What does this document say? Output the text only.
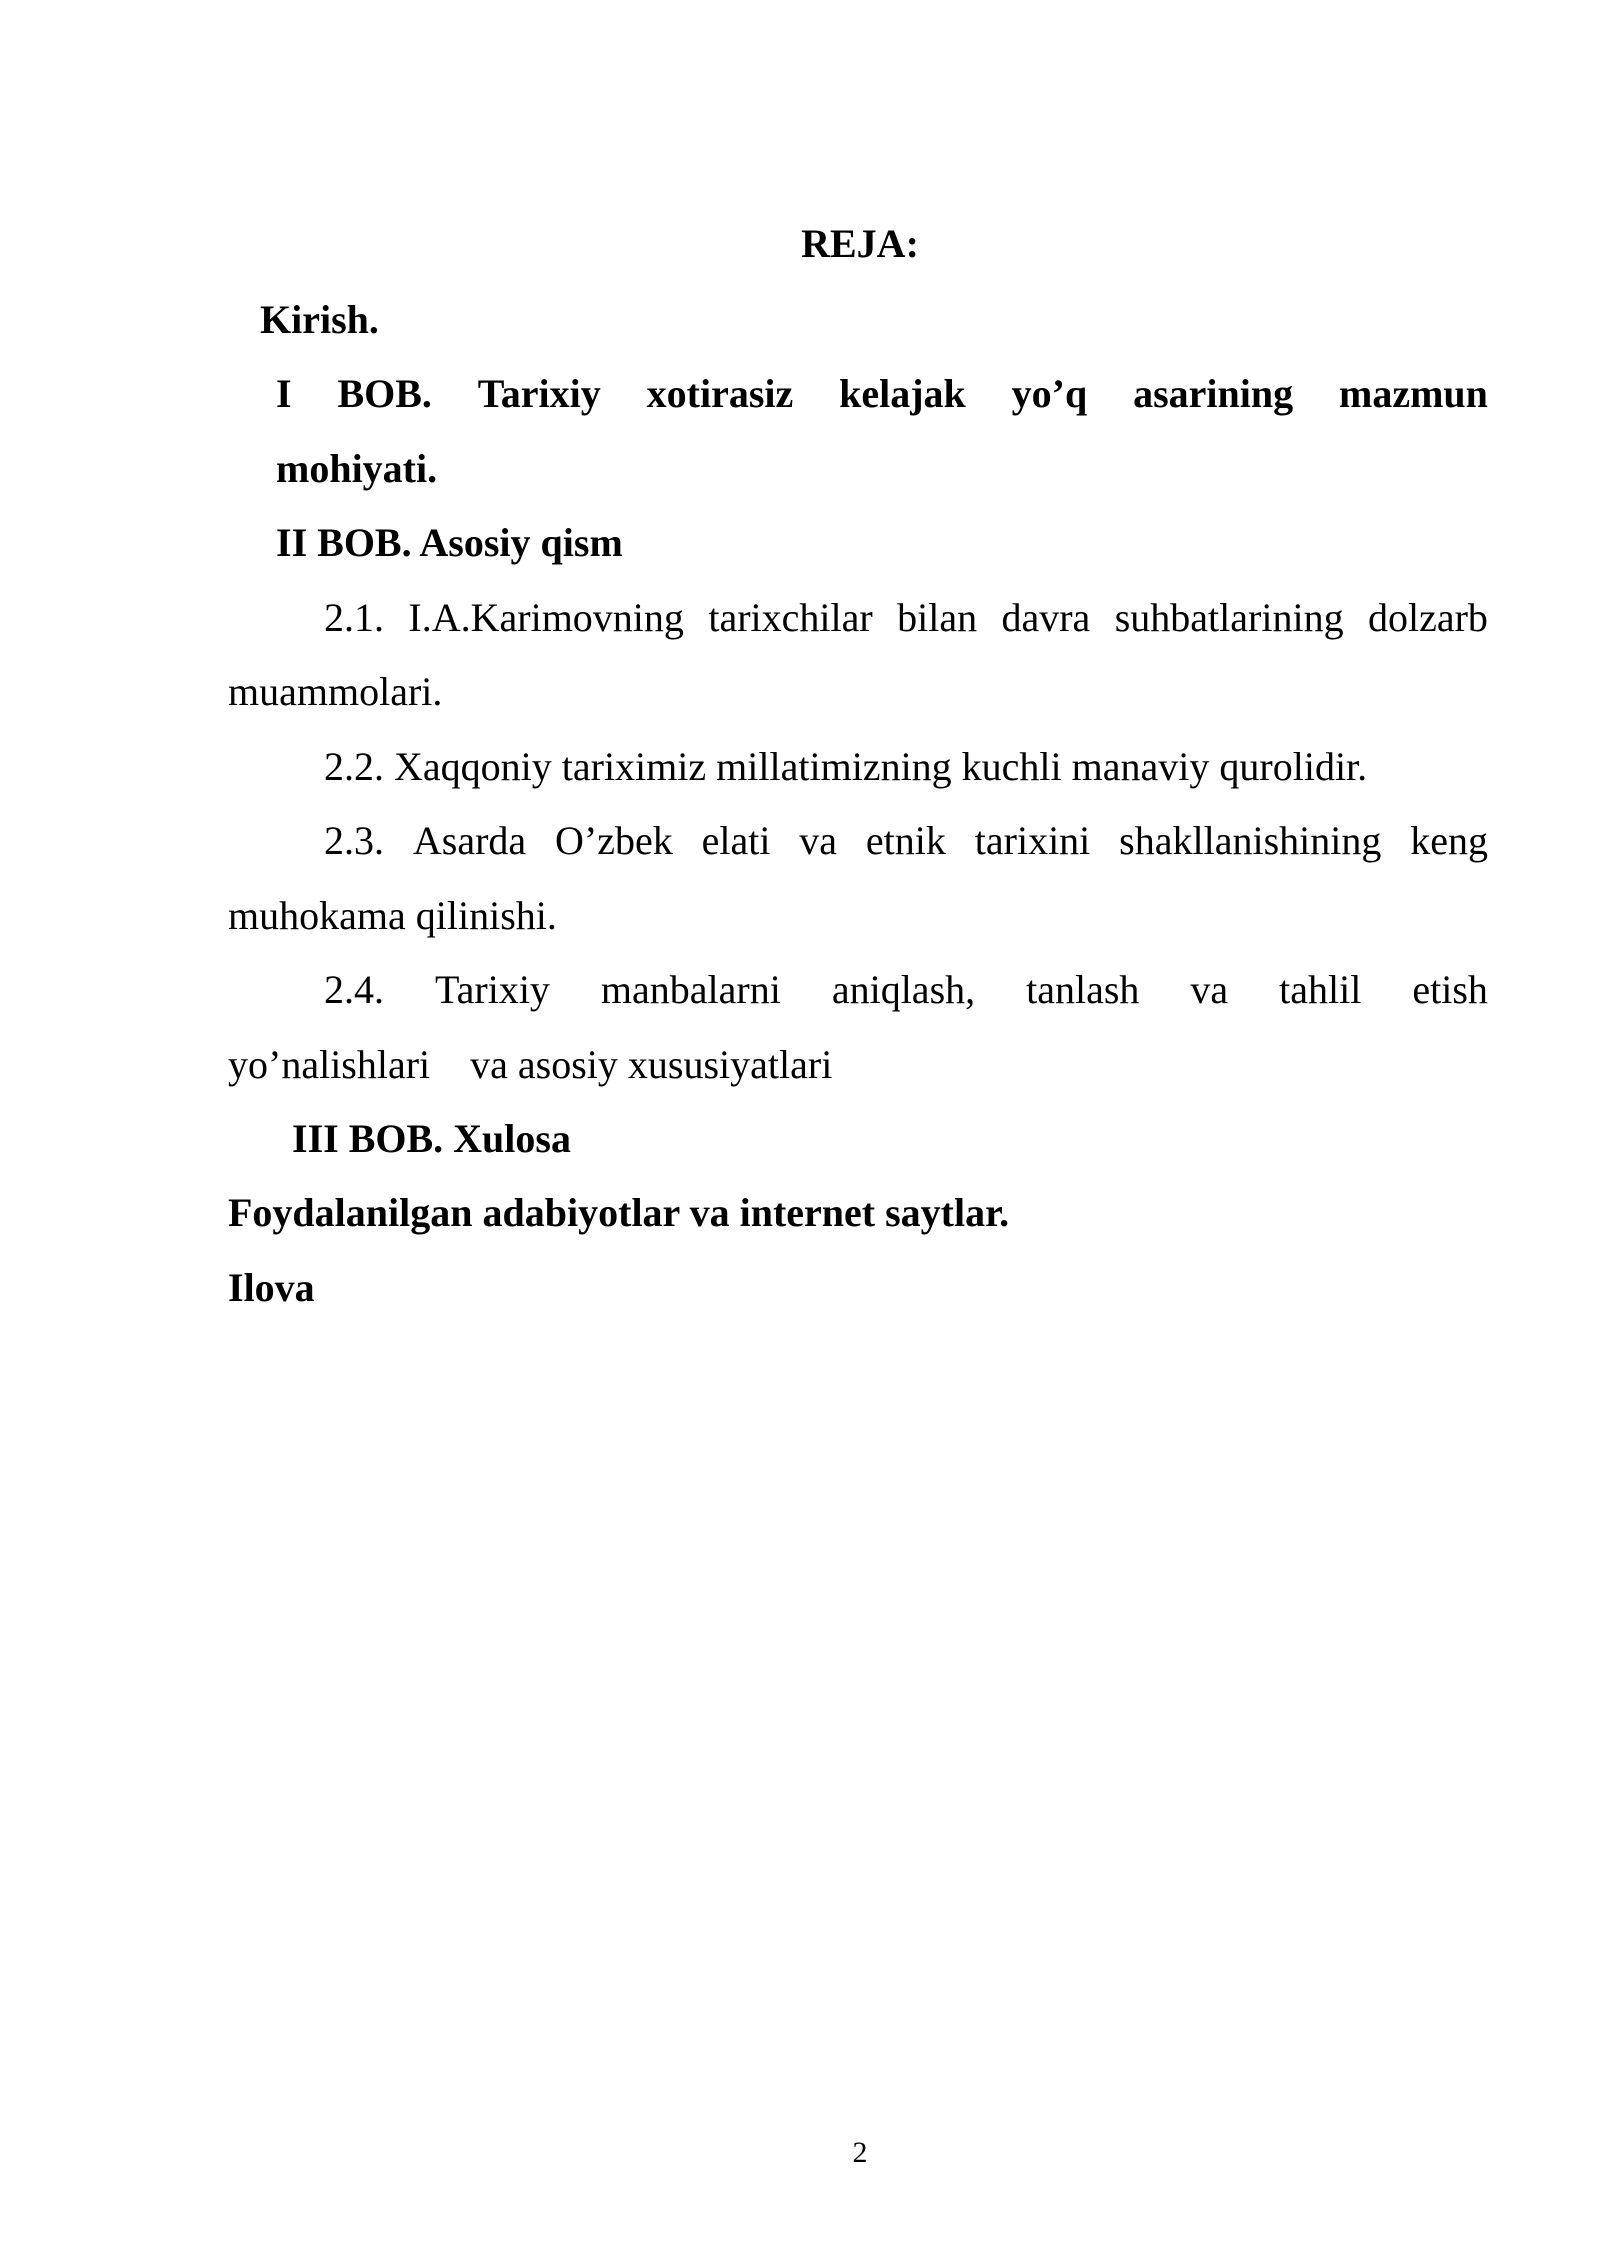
REJA:
Kirish.
I BOB. Tarixiy xotirasiz kelajak yo’q asarining mazmun
mohiyati.
II BOB. Asosiy qism
2.1. I.A.Karimovning tarixchilar bilan davra suhbatlarining dolzarb
muammolari.
2.2. Xaqqoniy tariximiz millatimizning kuchli manaviy qurolidir.
2.3. Asarda O’zbek elati va etnik tarixini shakllanishining keng
muhokama qilinishi.
2.4. Tarixiy manbalarni aniqlash, tanlash va tahlil etish
yo’nalishlari    va asosiy xususiyatlari
III BOB. Xulosa
Foydalanilgan adabiyotlar va internet saytlar.
Ilova
2
